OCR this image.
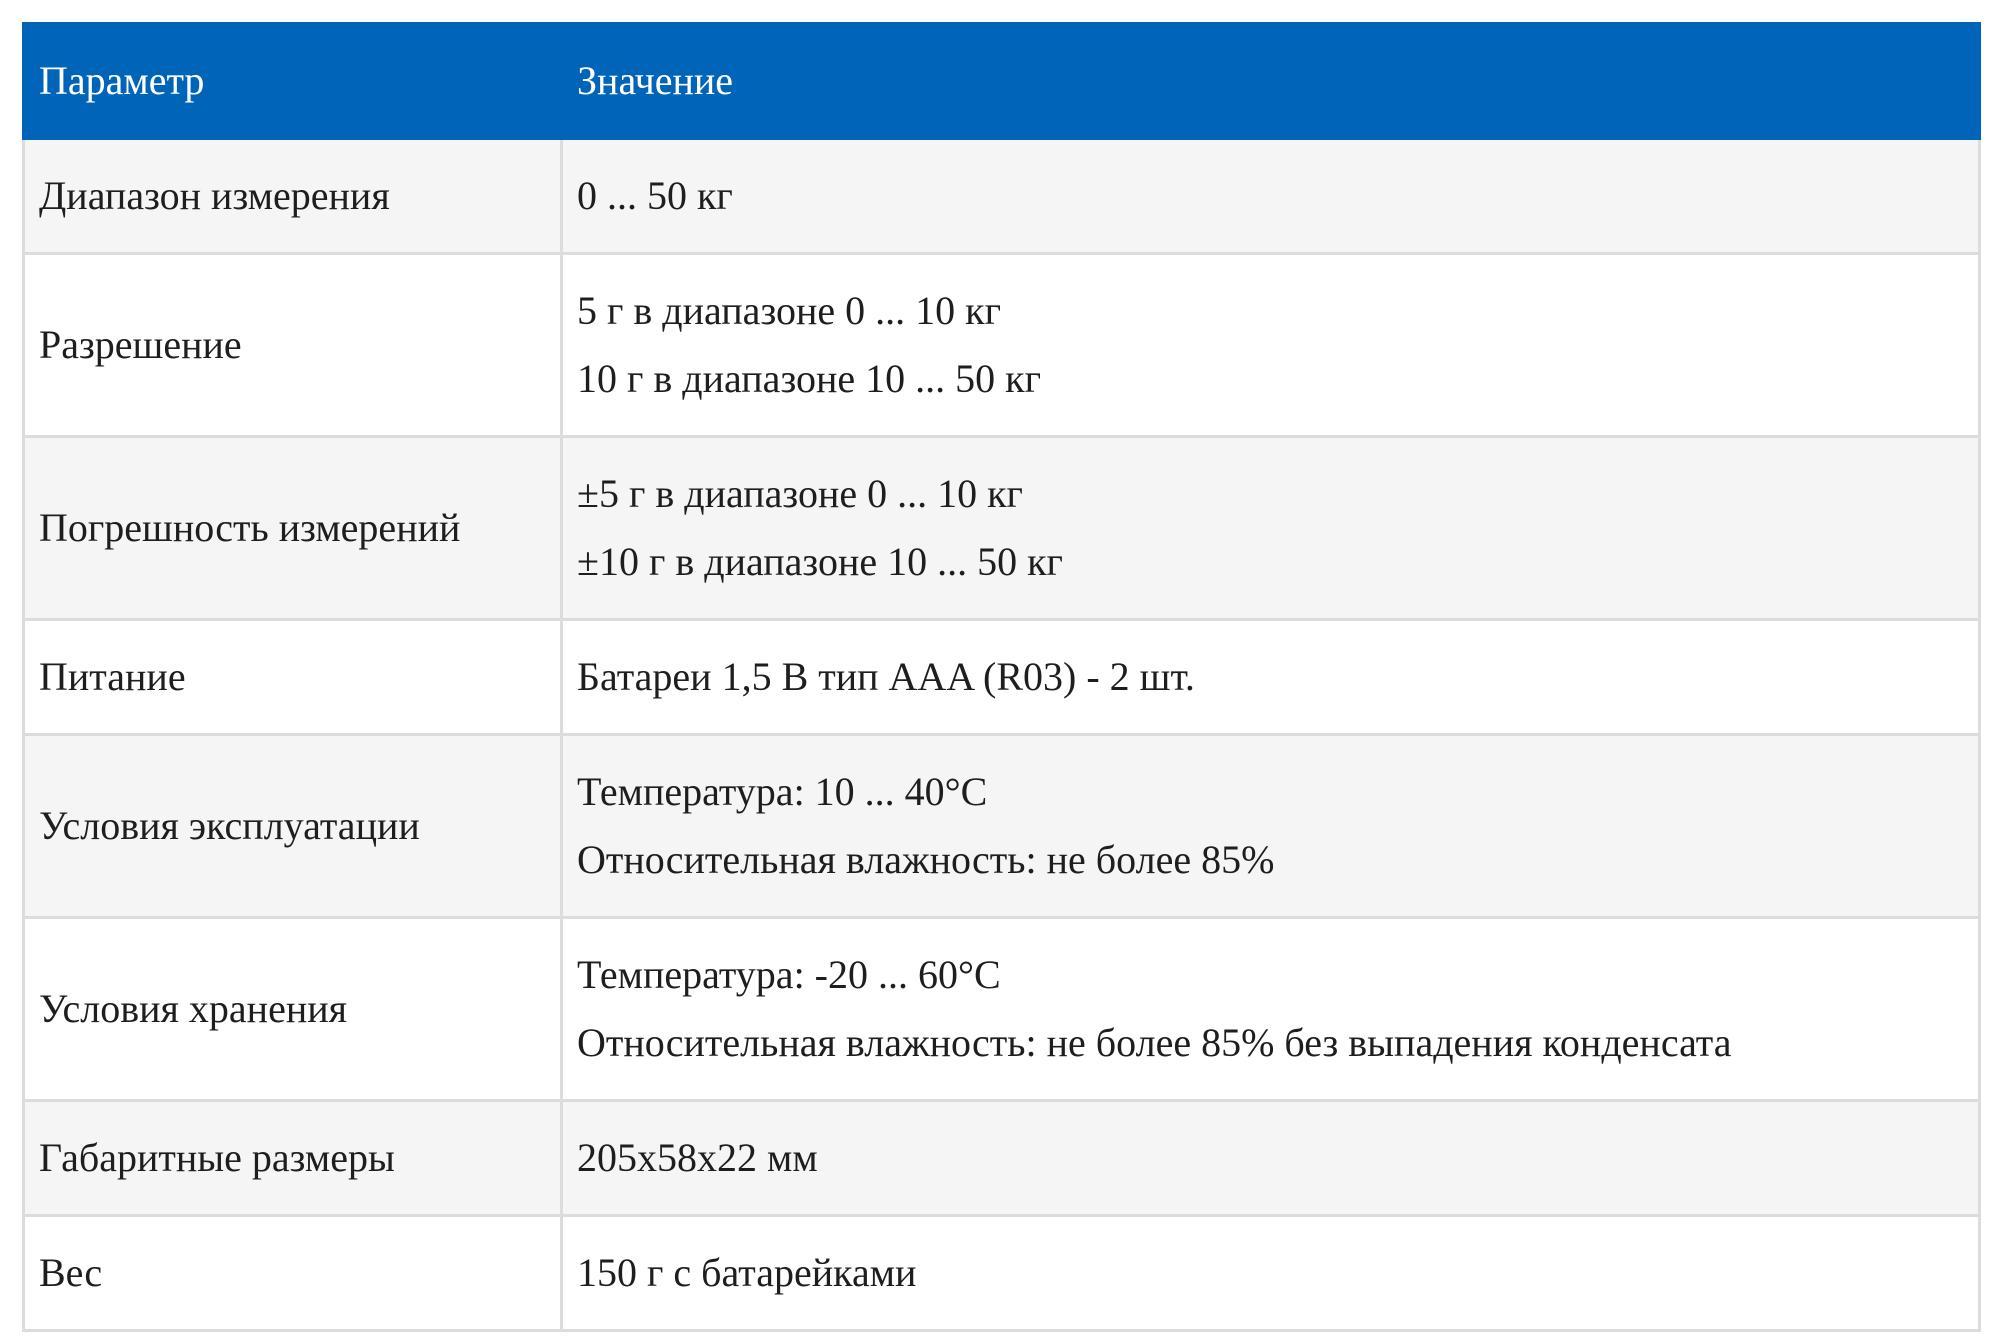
Параметр	Значение
Диапазон измерения	0 ... 50 кг

Разрешение	5 г в диапазоне 0 ... 10 кг
10 г в диапазоне 10 ... 50 кг

Погрешность измерений	±5 г в диапазоне 0 ... 10 кг
±10 г в диапазоне 10 ... 50 кг

Питание	Батареи 1,5 В тип AAA (R03) - 2 шт.

Условия эксплуатации	Температура: 10 ... 40°C
Относительная влажность: не более 85%

Условия хранения	Температура: -20 ... 60°C
Относительная влажность: не более 85% без выпадения конденсата

Габаритные размеры	205x58x22 мм

Вес	150 г с батарейками
